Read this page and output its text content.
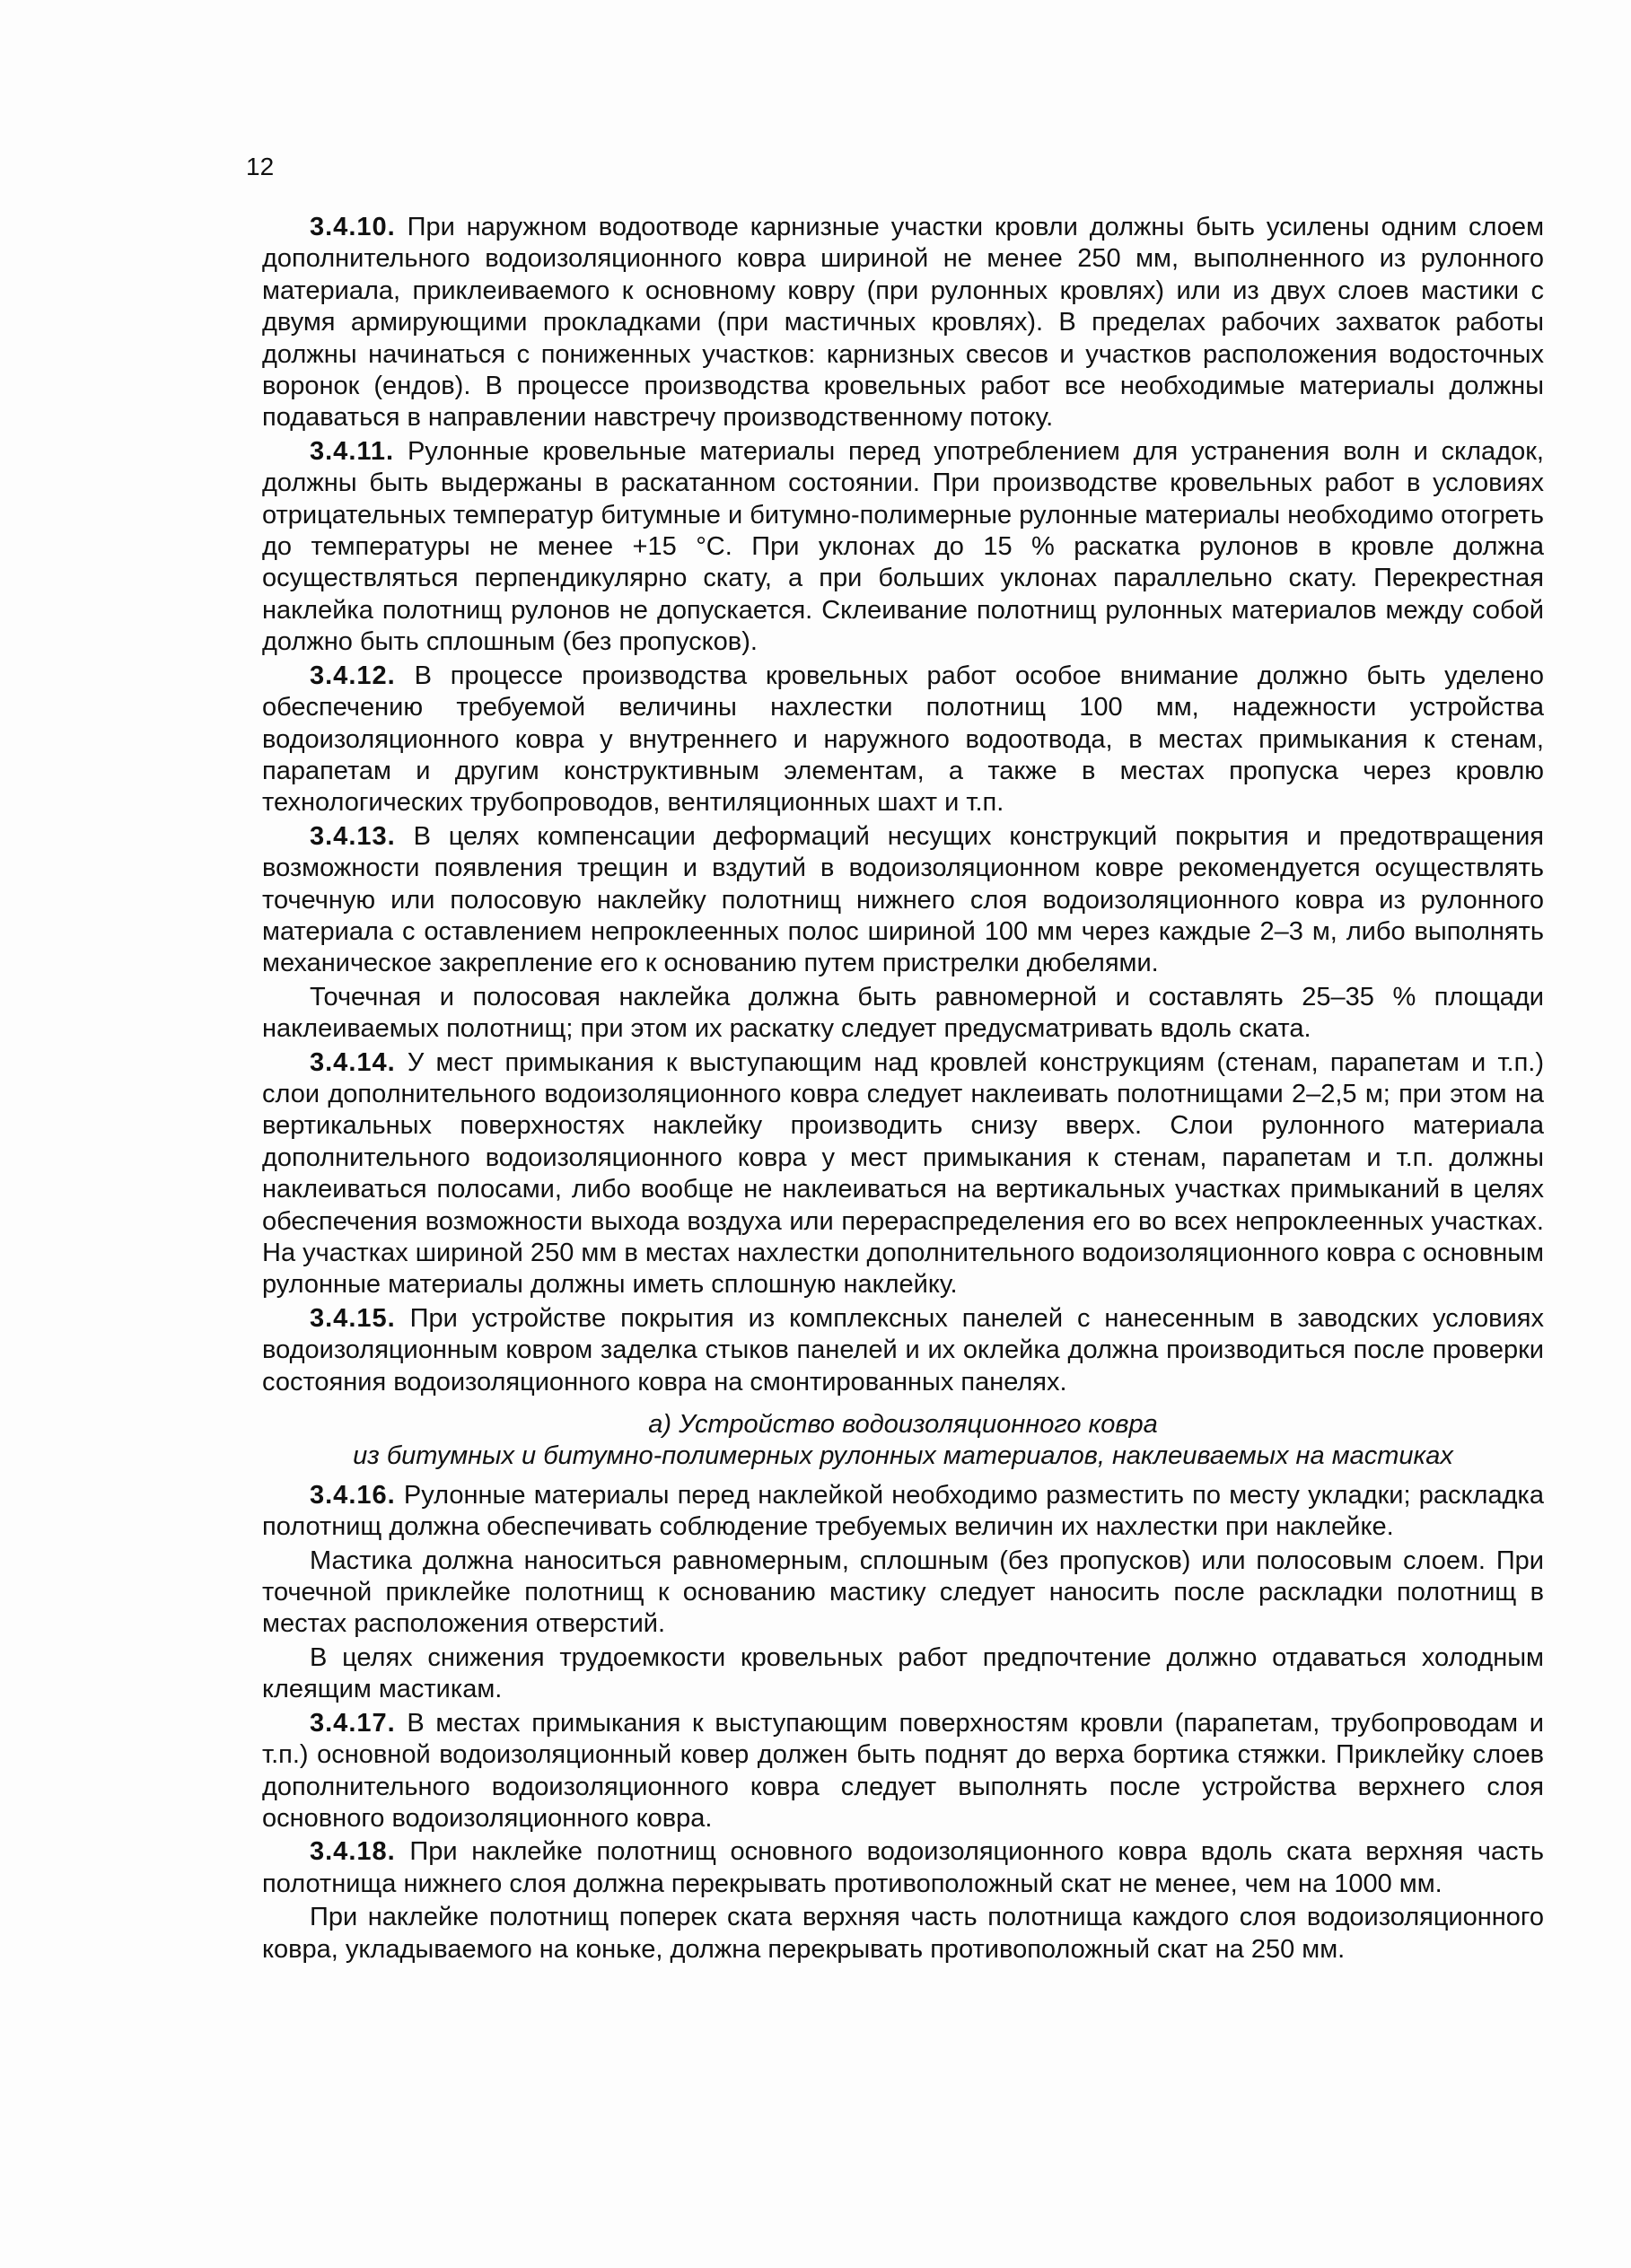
12

3.4.10. При наружном водоотводе карнизные участки кровли должны быть усилены одним слоем дополнительного водоизоляционного ковра шириной не менее 250 мм, выполненного из рулонного материала, приклеиваемого к основному ковру (при рулонных кровлях) или из двух слоев мастики с двумя армирующими прокладками (при мастичных кровлях). В пределах рабочих захваток работы должны начинаться с пониженных участков: карнизных свесов и участков расположения водосточных воронок (ендов). В процессе производства кровельных работ все необходимые материалы должны подаваться в направлении навстречу производственному потоку.

3.4.11. Рулонные кровельные материалы перед употреблением для устранения волн и складок, должны быть выдержаны в раскатанном состоянии. При производстве кровельных работ в условиях отрицательных температур битумные и битумно-полимерные рулонные материалы необходимо отогреть до температуры не менее +15 °С. При уклонах до 15 % раскатка рулонов в кровле должна осуществляться перпендикулярно скату, а при больших уклонах параллельно скату. Перекрестная наклейка полотнищ рулонов не допускается. Склеивание полотнищ рулонных материалов между собой должно быть сплошным (без пропусков).

3.4.12. В процессе производства кровельных работ особое внимание должно быть уделено обеспечению требуемой величины нахлестки полотнищ 100 мм, надежности устройства водоизоляционного ковра у внутреннего и наружного водоотвода, в местах примыкания к стенам, парапетам и другим конструктивным элементам, а также в местах пропуска через кровлю технологических трубопроводов, вентиляционных шахт и т.п.

3.4.13. В целях компенсации деформаций несущих конструкций покрытия и предотвращения возможности появления трещин и вздутий в водоизоляционном ковре рекомендуется осуществлять точечную или полосовую наклейку полотнищ нижнего слоя водоизоляционного ковра из рулонного материала с оставлением непроклеенных полос шириной 100 мм через каждые 2–3 м, либо выполнять механическое закрепление его к основанию путем пристрелки дюбелями.

Точечная и полосовая наклейка должна быть равномерной и составлять 25–35 % площади наклеиваемых полотнищ; при этом их раскатку следует предусматривать вдоль ската.

3.4.14. У мест примыкания к выступающим над кровлей конструкциям (стенам, парапетам и т.п.) слои дополнительного водоизоляционного ковра следует наклеивать полотнищами 2–2,5 м; при этом на вертикальных поверхностях наклейку производить снизу вверх. Слои рулонного материала дополнительного водоизоляционного ковра у мест примыкания к стенам, парапетам и т.п. должны наклеиваться полосами, либо вообще не наклеиваться на вертикальных участках примыканий в целях обеспечения возможности выхода воздуха или перераспределения его во всех непроклеенных участках. На участках шириной 250 мм в местах нахлестки дополнительного водоизоляционного ковра с основным рулонные материалы должны иметь сплошную наклейку.

3.4.15. При устройстве покрытия из комплексных панелей с нанесенным в заводских условиях водоизоляционным ковром заделка стыков панелей и их оклейка должна производиться после проверки состояния водоизоляционного ковра на смонтированных панелях.

а) Устройство водоизоляционного ковра
из битумных и битумно-полимерных рулонных материалов, наклеиваемых на мастиках

3.4.16. Рулонные материалы перед наклейкой необходимо разместить по месту укладки; раскладка полотнищ должна обеспечивать соблюдение требуемых величин их нахлестки при наклейке.

Мастика должна наноситься равномерным, сплошным (без пропусков) или полосовым слоем. При точечной приклейке полотнищ к основанию мастику следует наносить после раскладки полотнищ в местах расположения отверстий.

В целях снижения трудоемкости кровельных работ предпочтение должно отдаваться холодным клеящим мастикам.

3.4.17. В местах примыкания к выступающим поверхностям кровли (парапетам, трубопроводам и т.п.) основной водоизоляционный ковер должен быть поднят до верха бортика стяжки. Приклейку слоев дополнительного водоизоляционного ковра следует выполнять после устройства верхнего слоя основного водоизоляционного ковра.

3.4.18. При наклейке полотнищ основного водоизоляционного ковра вдоль ската верхняя часть полотнища нижнего слоя должна перекрывать противоположный скат не менее, чем на 1000 мм.

При наклейке полотнищ поперек ската верхняя часть полотнища каждого слоя водоизоляционного ковра, укладываемого на коньке, должна перекрывать противоположный скат на 250 мм.
